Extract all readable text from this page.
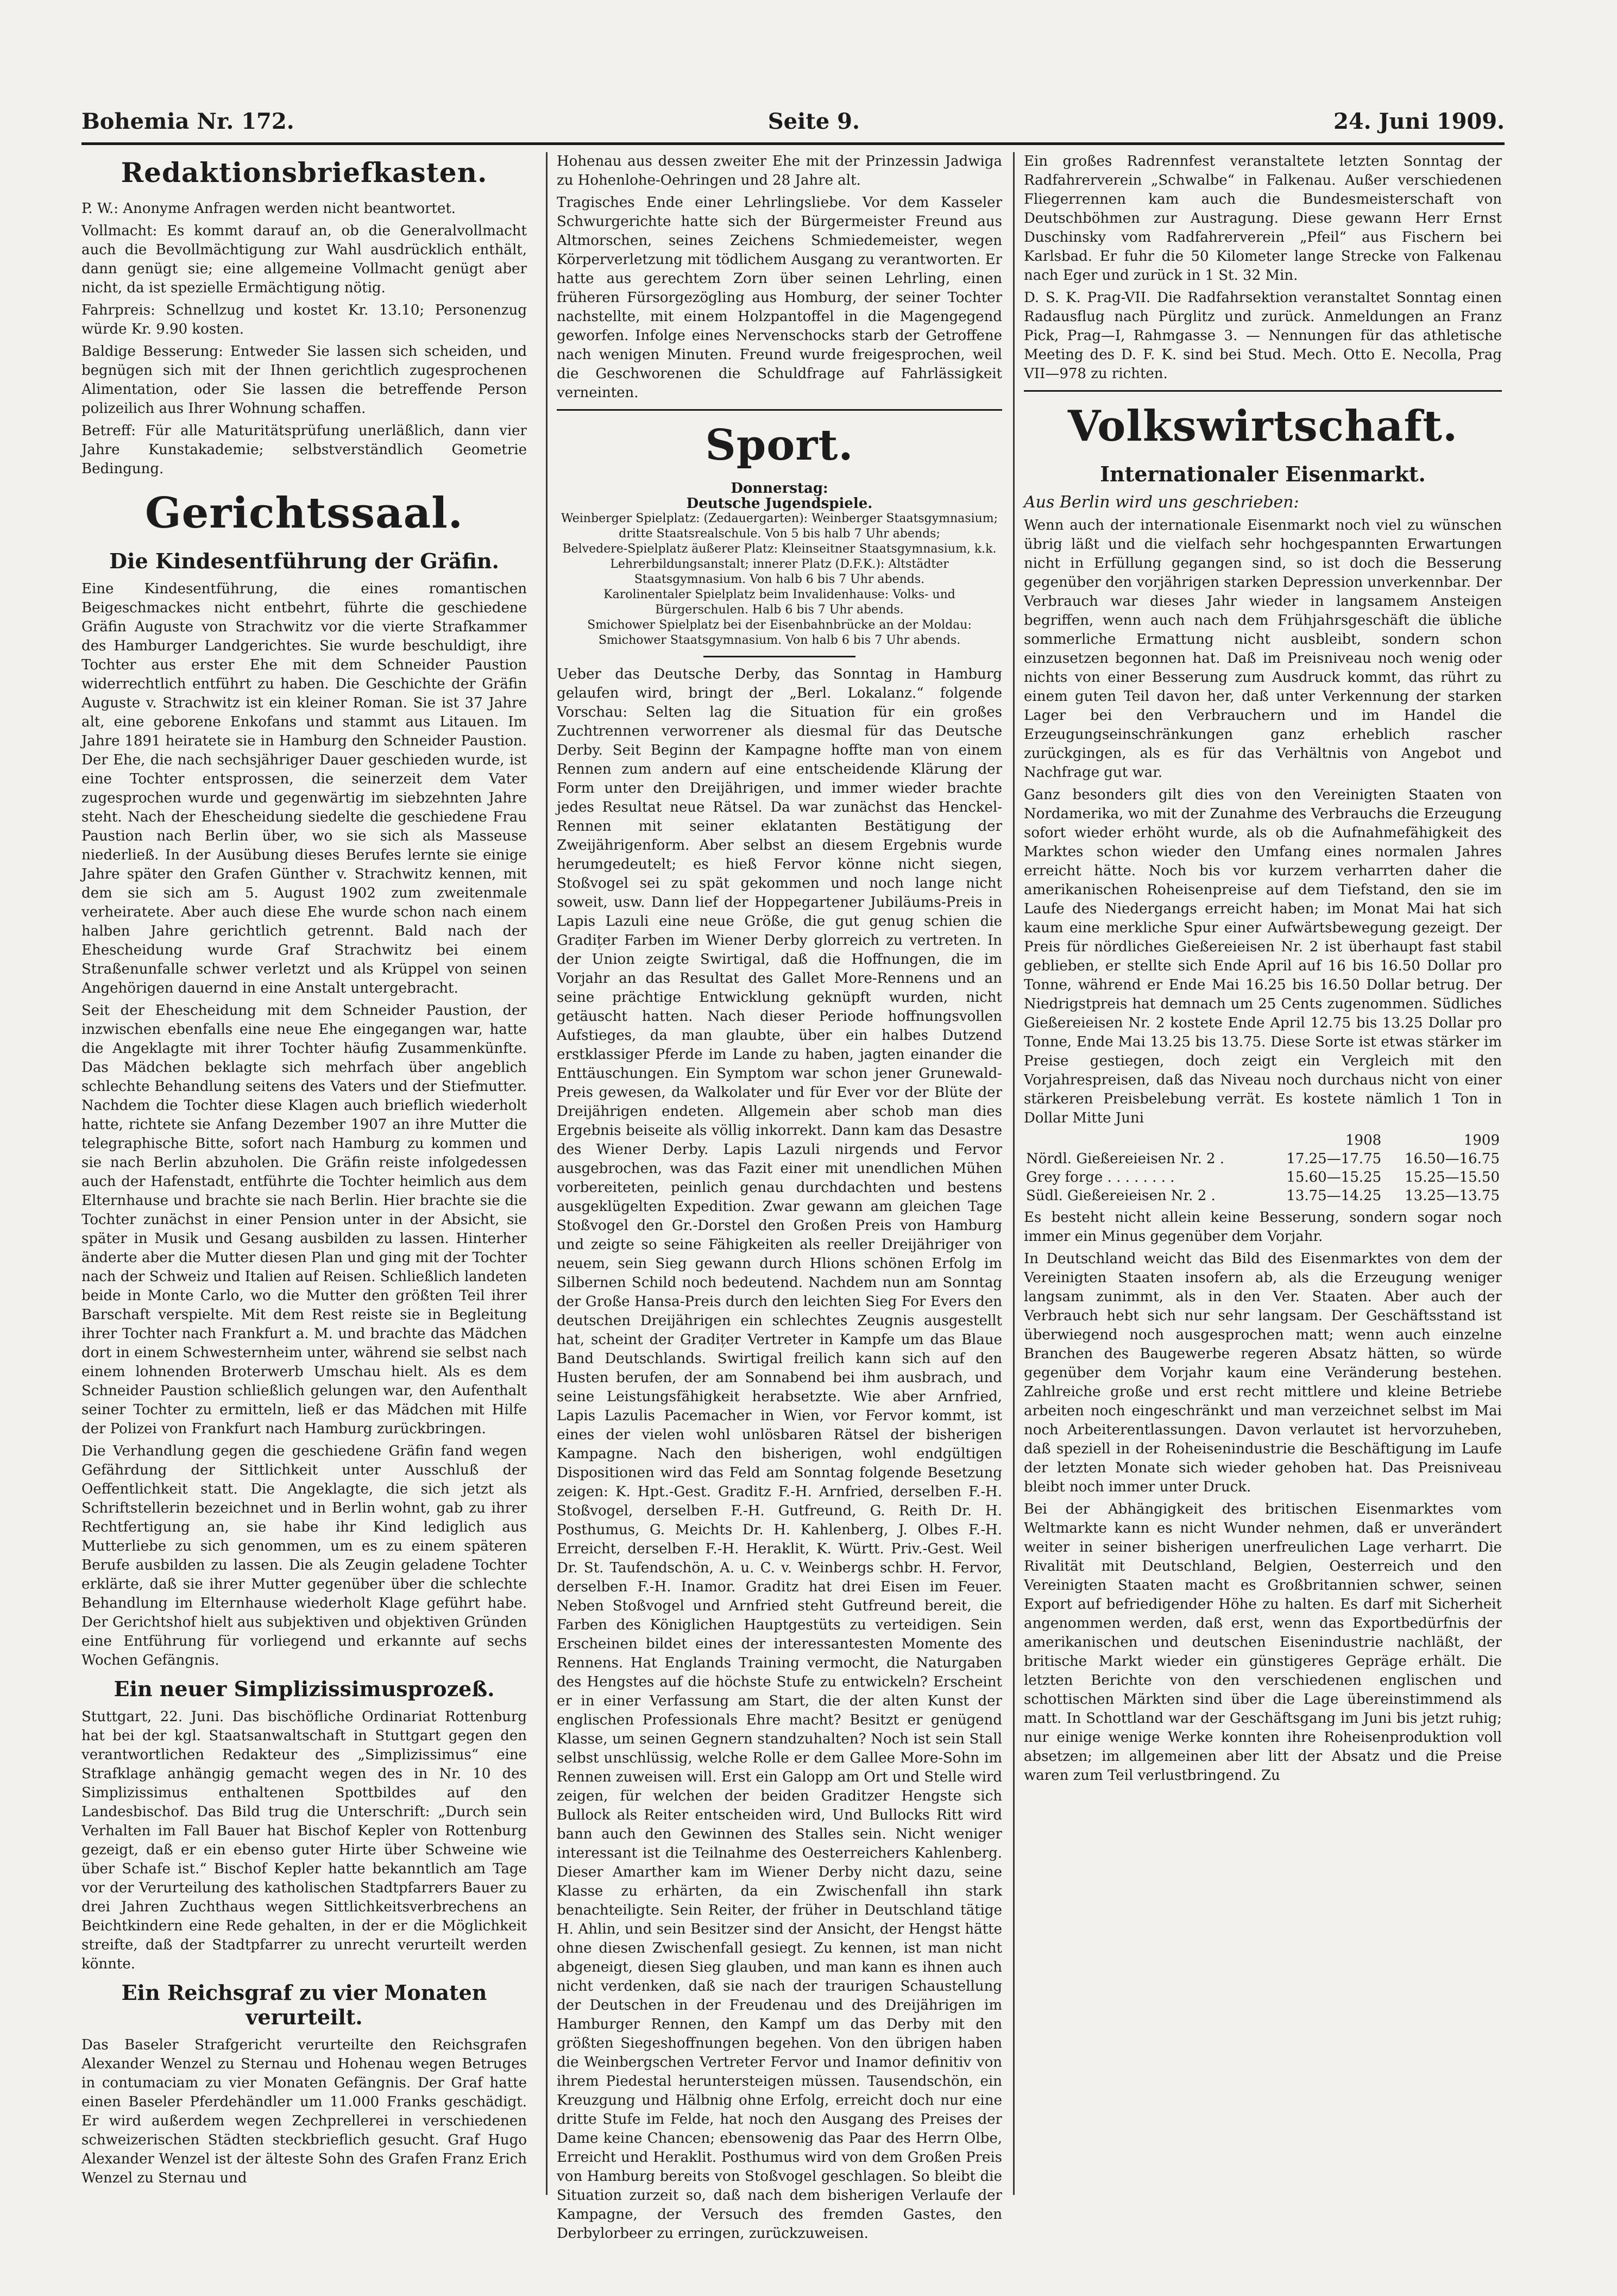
Bohemia Nr. 172.	Seite 9.	24. Juni 1909.
Redaktionsbriefkasten.

P. W.: Anonyme Anfragen werden nicht beantwortet.

Vollmacht: Es kommt darauf an, ob die Generalvollmacht auch die Bevollmächtigung zur Wahl ausdrücklich enthält, dann genügt sie; eine allgemeine Vollmacht genügt aber nicht, da ist spezielle Ermächtigung nötig.

Fahrpreis: Schnellzug und kostet Kr. 13.10; Personenzug würde Kr. 9.90 kosten.

Baldige Besserung: Entweder Sie lassen sich scheiden, und begnügen sich mit der Ihnen gerichtlich zugesprochenen Alimentation, oder Sie lassen die betreffende Person polizeilich aus Ihrer Wohnung schaffen.

Betreff: Für alle Maturitätsprüfung unerläßlich, dann vier Jahre Kunstakademie; selbstverständlich Geometrie Bedingung.

Gerichtssaal.
Die Kindesentführung der Gräfin.

Eine Kindesentführung, die eines romantischen Beigeschmackes nicht entbehrt, führte die geschiedene Gräfin Auguste von Strachwitz vor die vierte Strafkammer des Hamburger Landgerichtes. Sie wurde beschuldigt, ihre Tochter aus erster Ehe mit dem Schneider Paustion widerrechtlich entführt zu haben. Die Geschichte der Gräfin Auguste v. Strachwitz ist ein kleiner Roman. Sie ist 37 Jahre alt, eine geborene Enkofans und stammt aus Litauen. Im Jahre 1891 heiratete sie in Hamburg den Schneider Paustion. Der Ehe, die nach sechsjähriger Dauer geschieden wurde, ist eine Tochter entsprossen, die seinerzeit dem Vater zugesprochen wurde und gegenwärtig im siebzehnten Jahre steht. Nach der Ehescheidung siedelte die geschiedene Frau Paustion nach Berlin über, wo sie sich als Masseuse niederließ. In der Ausübung dieses Berufes lernte sie einige Jahre später den Grafen Günther v. Strachwitz kennen, mit dem sie sich am 5. August 1902 zum zweitenmale verheiratete. Aber auch diese Ehe wurde schon nach einem halben Jahre gerichtlich getrennt. Bald nach der Ehescheidung wurde Graf Strachwitz bei einem Straßenunfalle schwer verletzt und als Krüppel von seinen Angehörigen dauernd in eine Anstalt untergebracht.

Seit der Ehescheidung mit dem Schneider Paustion, der inzwischen ebenfalls eine neue Ehe eingegangen war, hatte die Angeklagte mit ihrer Tochter häufig Zusammenkünfte. Das Mädchen beklagte sich mehrfach über angeblich schlechte Behandlung seitens des Vaters und der Stiefmutter. Nachdem die Tochter diese Klagen auch brieflich wiederholt hatte, richtete sie Anfang Dezember 1907 an ihre Mutter die telegraphische Bitte, sofort nach Hamburg zu kommen und sie nach Berlin abzuholen. Die Gräfin reiste infolgedessen auch der Hafenstadt, entführte die Tochter heimlich aus dem Elternhause und brachte sie nach Berlin. Hier brachte sie die Tochter zunächst in einer Pension unter in der Absicht, sie später in Musik und Gesang ausbilden zu lassen. Hinterher änderte aber die Mutter diesen Plan und ging mit der Tochter nach der Schweiz und Italien auf Reisen. Schließlich landeten beide in Monte Carlo, wo die Mutter den größten Teil ihrer Barschaft verspielte. Mit dem Rest reiste sie in Begleitung ihrer Tochter nach Frankfurt a. M. und brachte das Mädchen dort in einem Schwesternheim unter, während sie selbst nach einem lohnenden Broterwerb Umschau hielt. Als es dem Schneider Paustion schließlich gelungen war, den Aufenthalt seiner Tochter zu ermitteln, ließ er das Mädchen mit Hilfe der Polizei von Frankfurt nach Hamburg zurückbringen.

Die Verhandlung gegen die geschiedene Gräfin fand wegen Gefährdung der Sittlichkeit unter Ausschluß der Oeffentlichkeit statt. Die Angeklagte, die sich jetzt als Schriftstellerin bezeichnet und in Berlin wohnt, gab zu ihrer Rechtfertigung an, sie habe ihr Kind lediglich aus Mutterliebe zu sich genommen, um es zu einem späteren Berufe ausbilden zu lassen. Die als Zeugin geladene Tochter erklärte, daß sie ihrer Mutter gegenüber über die schlechte Behandlung im Elternhause wiederholt Klage geführt habe. Der Gerichtshof hielt aus subjektiven und objektiven Gründen eine Entführung für vorliegend und erkannte auf sechs Wochen Gefängnis.

Ein neuer Simplizissimusprozeß.

Stuttgart, 22. Juni. Das bischöfliche Ordinariat Rottenburg hat bei der kgl. Staatsanwaltschaft in Stuttgart gegen den verantwortlichen Redakteur des „Simplizissimus“ eine Strafklage anhängig gemacht wegen des in Nr. 10 des Simplizissimus enthaltenen Spottbildes auf den Landesbischof. Das Bild trug die Unterschrift: „Durch sein Verhalten im Fall Bauer hat Bischof Kepler von Rottenburg gezeigt, daß er ein ebenso guter Hirte über Schweine wie über Schafe ist.“ Bischof Kepler hatte bekanntlich am Tage vor der Verurteilung des katholischen Stadtpfarrers Bauer zu drei Jahren Zuchthaus wegen Sittlichkeitsverbrechens an Beichtkindern eine Rede gehalten, in der er die Möglichkeit streifte, daß der Stadtpfarrer zu unrecht verurteilt werden könnte.

Ein Reichsgraf zu vier Monaten verurteilt.

Das Baseler Strafgericht verurteilte den Reichsgrafen Alexander Wenzel zu Sternau und Hohenau wegen Betruges in contumaciam zu vier Monaten Gefängnis. Der Graf hatte einen Baseler Pferdehändler um 11.000 Franks geschädigt. Er wird außerdem wegen Zechprellerei in verschiedenen schweizerischen Städten steckbrieflich gesucht. Graf Hugo Alexander Wenzel ist der älteste Sohn des Grafen Franz Erich Wenzel zu Sternau und

Hohenau aus dessen zweiter Ehe mit der Prinzessin Jadwiga zu Hohenlohe-Oehringen und 28 Jahre alt.

Tragisches Ende einer Lehrlingsliebe. Vor dem Kasseler Schwurgerichte hatte sich der Bürgermeister Freund aus Altmorschen, seines Zeichens Schmiedemeister, wegen Körperverletzung mit tödlichem Ausgang zu verantworten. Er hatte aus gerechtem Zorn über seinen Lehrling, einen früheren Fürsorgezögling aus Homburg, der seiner Tochter nachstellte, mit einem Holzpantoffel in die Magengegend geworfen. Infolge eines Nervenschocks starb der Getroffene nach wenigen Minuten. Freund wurde freigesprochen, weil die Geschworenen die Schuldfrage auf Fahrlässigkeit verneinten.

Sport.
Donnerstag:
Deutsche Jugendspiele.
Weinberger Spielplatz: (Zedauergarten): Weinberger Staatsgymnasium; dritte Staatsrealschule. Von 5 bis halb 7 Uhr abends;
Belvedere-Spielplatz äußerer Platz: Kleinseitner Staatsgymnasium, k.k. Lehrerbildungsanstalt; innerer Platz (D.F.K.): Altstädter Staatsgymnasium. Von halb 6 bis 7 Uhr abends.
Karolinentaler Spielplatz beim Invalidenhause: Volks- und Bürgerschulen. Halb 6 bis 7 Uhr abends.
Smichower Spielplatz bei der Eisenbahnbrücke an der Moldau: Smichower Staatsgymnasium. Von halb 6 bis 7 Uhr abends.

Ueber das Deutsche Derby, das Sonntag in Hamburg gelaufen wird, bringt der „Berl. Lokalanz.“ folgende Vorschau: Selten lag die Situation für ein großes Zuchtrennen verworrener als diesmal für das Deutsche Derby. Seit Beginn der Kampagne hoffte man von einem Rennen zum andern auf eine entscheidende Klärung der Form unter den Dreijährigen, und immer wieder brachte jedes Resultat neue Rätsel. Da war zunächst das Henckel-Rennen mit seiner eklatanten Bestätigung der Zweijährigenform. Aber selbst an diesem Ergebnis wurde herumgedeutelt; es hieß Fervor könne nicht siegen, Stoßvogel sei zu spät gekommen und noch lange nicht soweit, usw. Dann lief der Hoppegartener Jubiläums-Preis in Lapis Lazuli eine neue Größe, die gut genug schien die Gradițer Farben im Wiener Derby glorreich zu vertreten. In der Union zeigte Swirtigal, daß die Hoffnungen, die im Vorjahr an das Resultat des Gallet More-Rennens und an seine prächtige Entwicklung geknüpft wurden, nicht getäuscht hatten. Nach dieser Periode hoffnungsvollen Aufstieges, da man glaubte, über ein halbes Dutzend erstklassiger Pferde im Lande zu haben, jagten einander die Enttäuschungen. Ein Symptom war schon jener Grunewald-Preis gewesen, da Walkolater und für Ever vor der Blüte der Dreijährigen endeten. Allgemein aber schob man dies Ergebnis beiseite als völlig inkorrekt. Dann kam das Desastre des Wiener Derby. Lapis Lazuli nirgends und Fervor ausgebrochen, was das Fazit einer mit unendlichen Mühen vorbereiteten, peinlich genau durchdachten und bestens ausgeklügelten Expedition. Zwar gewann am gleichen Tage Stoßvogel den Gr.-Dorstel den Großen Preis von Hamburg und zeigte so seine Fähigkeiten als reeller Dreijähriger von neuem, sein Sieg gewann durch Hlions schönen Erfolg im Silbernen Schild noch bedeutend. Nachdem nun am Sonntag der Große Hansa-Preis durch den leichten Sieg For Evers den deutschen Dreijährigen ein schlechtes Zeugnis ausgestellt hat, scheint der Gradițer Vertreter in Kampfe um das Blaue Band Deutschlands. Swirtigal freilich kann sich auf den Husten berufen, der am Sonnabend bei ihm ausbrach, und seine Leistungsfähigkeit herabsetzte. Wie aber Arnfried, Lapis Lazulis Pacemacher in Wien, vor Fervor kommt, ist eines der vielen wohl unlösbaren Rätsel der bisherigen Kampagne. Nach den bisherigen, wohl endgültigen Dispositionen wird das Feld am Sonntag folgende Besetzung zeigen: K. Hpt.-Gest. Graditz F.-H. Arnfried, derselben F.-H. Stoßvogel, derselben F.-H. Gutfreund, G. Reith Dr. H. Posthumus, G. Meichts Dr. H. Kahlenberg, J. Olbes F.-H. Erreicht, derselben F.-H. Heraklit, K. Württ. Priv.-Gest. Weil Dr. St. Taufendschön, A. u. C. v. Weinbergs schbr. H. Fervor, derselben F.-H. Inamor. Graditz hat drei Eisen im Feuer. Neben Stoßvogel und Arnfried steht Gutfreund bereit, die Farben des Königlichen Hauptgestüts zu verteidigen. Sein Erscheinen bildet eines der interessantesten Momente des Rennens. Hat Englands Training vermocht, die Naturgaben des Hengstes auf die höchste Stufe zu entwickeln? Erscheint er in einer Verfassung am Start, die der alten Kunst der englischen Professionals Ehre macht? Besitzt er genügend Klasse, um seinen Gegnern standzuhalten? Noch ist sein Stall selbst unschlüssig, welche Rolle er dem Gallee More-Sohn im Rennen zuweisen will. Erst ein Galopp am Ort und Stelle wird zeigen, für welchen der beiden Graditzer Hengste sich Bullock als Reiter entscheiden wird, Und Bullocks Ritt wird bann auch den Gewinnen des Stalles sein. Nicht weniger interessant ist die Teilnahme des Oesterreichers Kahlenberg. Dieser Amarther kam im Wiener Derby nicht dazu, seine Klasse zu erhärten, da ein Zwischenfall ihn stark benachteiligte. Sein Reiter, der früher in Deutschland tätige H. Ahlin, und sein Besitzer sind der Ansicht, der Hengst hätte ohne diesen Zwischenfall gesiegt. Zu kennen, ist man nicht abgeneigt, diesen Sieg glauben, und man kann es ihnen auch nicht verdenken, daß sie nach der traurigen Schaustellung der Deutschen in der Freudenau und des Dreijährigen im Hamburger Rennen, den Kampf um das Derby mit den größten Siegeshoffnungen begehen. Von den übrigen haben die Weinbergschen Vertreter Fervor und Inamor definitiv von ihrem Piedestal heruntersteigen müssen. Tausendschön, ein Kreuzgung und Hälbnig ohne Erfolg, erreicht doch nur eine dritte Stufe im Felde, hat noch den Ausgang des Preises der Dame keine Chancen; ebensowenig das Paar des Herrn Olbe, Erreicht und Heraklit. Posthumus wird von dem Großen Preis von Hamburg bereits von Stoßvogel geschlagen. So bleibt die Situation zurzeit so, daß nach dem bisherigen Verlaufe der Kampagne, der Versuch des fremden Gastes, den Derbylorbeer zu erringen, zurückzuweisen.

Ein großes Radrennfest veranstaltete letzten Sonntag der Radfahrerverein „Schwalbe“ in Falkenau. Außer verschiedenen Fliegerrennen kam auch die Bundesmeisterschaft von Deutschböhmen zur Austragung. Diese gewann Herr Ernst Duschinsky vom Radfahrerverein „Pfeil“ aus Fischern bei Karlsbad. Er fuhr die 50 Kilometer lange Strecke von Falkenau nach Eger und zurück in 1 St. 32 Min.

D. S. K. Prag-VII. Die Radfahrsektion veranstaltet Sonntag einen Radausflug nach Pürglitz und zurück. Anmeldungen an Franz Pick, Prag—I, Rahmgasse 3. — Nennungen für das athletische Meeting des D. F. K. sind bei Stud. Mech. Otto E. Necolla, Prag VII—978 zu richten.

Volkswirtschaft.
Internationaler Eisenmarkt.
Aus Berlin wird uns geschrieben:

Wenn auch der internationale Eisenmarkt noch viel zu wünschen übrig läßt und die vielfach sehr hochgespannten Erwartungen nicht in Erfüllung gegangen sind, so ist doch die Besserung gegenüber den vorjährigen starken Depression unverkennbar. Der Verbrauch war dieses Jahr wieder in langsamem Ansteigen begriffen, wenn auch nach dem Frühjahrsgeschäft die übliche sommerliche Ermattung nicht ausbleibt, sondern schon einzusetzen begonnen hat. Daß im Preisniveau noch wenig oder nichts von einer Besserung zum Ausdruck kommt, das rührt zu einem guten Teil davon her, daß unter Verkennung der starken Lager bei den Verbrauchern und im Handel die Erzeugungseinschränkungen ganz erheblich rascher zurückgingen, als es für das Verhältnis von Angebot und Nachfrage gut war.

Ganz besonders gilt dies von den Vereinigten Staaten von Nordamerika, wo mit der Zunahme des Verbrauchs die Erzeugung sofort wieder erhöht wurde, als ob die Aufnahmefähigkeit des Marktes schon wieder den Umfang eines normalen Jahres erreicht hätte. Noch bis vor kurzem verharrten daher die amerikanischen Roheisenpreise auf dem Tiefstand, den sie im Laufe des Niedergangs erreicht haben; im Monat Mai hat sich kaum eine merkliche Spur einer Aufwärtsbewegung gezeigt. Der Preis für nördliches Gießereieisen Nr. 2 ist überhaupt fast stabil geblieben, er stellte sich Ende April auf 16 bis 16.50 Dollar pro Tonne, während er Ende Mai 16.25 bis 16.50 Dollar betrug. Der Niedrigstpreis hat demnach um 25 Cents zugenommen. Südliches Gießereieisen Nr. 2 kostete Ende April 12.75 bis 13.25 Dollar pro Tonne, Ende Mai 13.25 bis 13.75. Diese Sorte ist etwas stärker im Preise gestiegen, doch zeigt ein Vergleich mit den Vorjahrespreisen, daß das Niveau noch durchaus nicht von einer stärkeren Preisbelebung verrät. Es kostete nämlich 1 Ton in Dollar Mitte Juni

	1908	1909
Nördl. Gießereieisen Nr. 2 .	17.25—17.75	16.50—16.75
Grey forge . . . . . . . .	15.60—15.25	15.25—15.50
Südl. Gießereieisen Nr. 2 .	13.75—14.25	13.25—13.75

Es besteht nicht allein keine Besserung, sondern sogar noch immer ein Minus gegenüber dem Vorjahr.

In Deutschland weicht das Bild des Eisenmarktes von dem der Vereinigten Staaten insofern ab, als die Erzeugung weniger langsam zunimmt, als in den Ver. Staaten. Aber auch der Verbrauch hebt sich nur sehr langsam. Der Geschäftsstand ist überwiegend noch ausgesprochen matt; wenn auch einzelne Branchen des Baugewerbe regeren Absatz hätten, so würde gegenüber dem Vorjahr kaum eine Veränderung bestehen. Zahlreiche große und erst recht mittlere und kleine Betriebe arbeiten noch eingeschränkt und man verzeichnet selbst im Mai noch Arbeiterentlassungen. Davon verlautet ist hervorzuheben, daß speziell in der Roheisenindustrie die Beschäftigung im Laufe der letzten Monate sich wieder gehoben hat. Das Preisniveau bleibt noch immer unter Druck.

Bei der Abhängigkeit des britischen Eisenmarktes vom Weltmarkte kann es nicht Wunder nehmen, daß er unverändert weiter in seiner bisherigen unerfreulichen Lage verharrt. Die Rivalität mit Deutschland, Belgien, Oesterreich und den Vereinigten Staaten macht es Großbritannien schwer, seinen Export auf befriedigender Höhe zu halten. Es darf mit Sicherheit angenommen werden, daß erst, wenn das Exportbedürfnis der amerikanischen und deutschen Eisenindustrie nachläßt, der britische Markt wieder ein günstigeres Gepräge erhält. Die letzten Berichte von den verschiedenen englischen und schottischen Märkten sind über die Lage übereinstimmend als matt. In Schottland war der Geschäftsgang im Juni bis jetzt ruhig; nur einige wenige Werke konnten ihre Roheisenproduktion voll absetzen; im allgemeinen aber litt der Absatz und die Preise waren zum Teil verlustbringend. Zu
